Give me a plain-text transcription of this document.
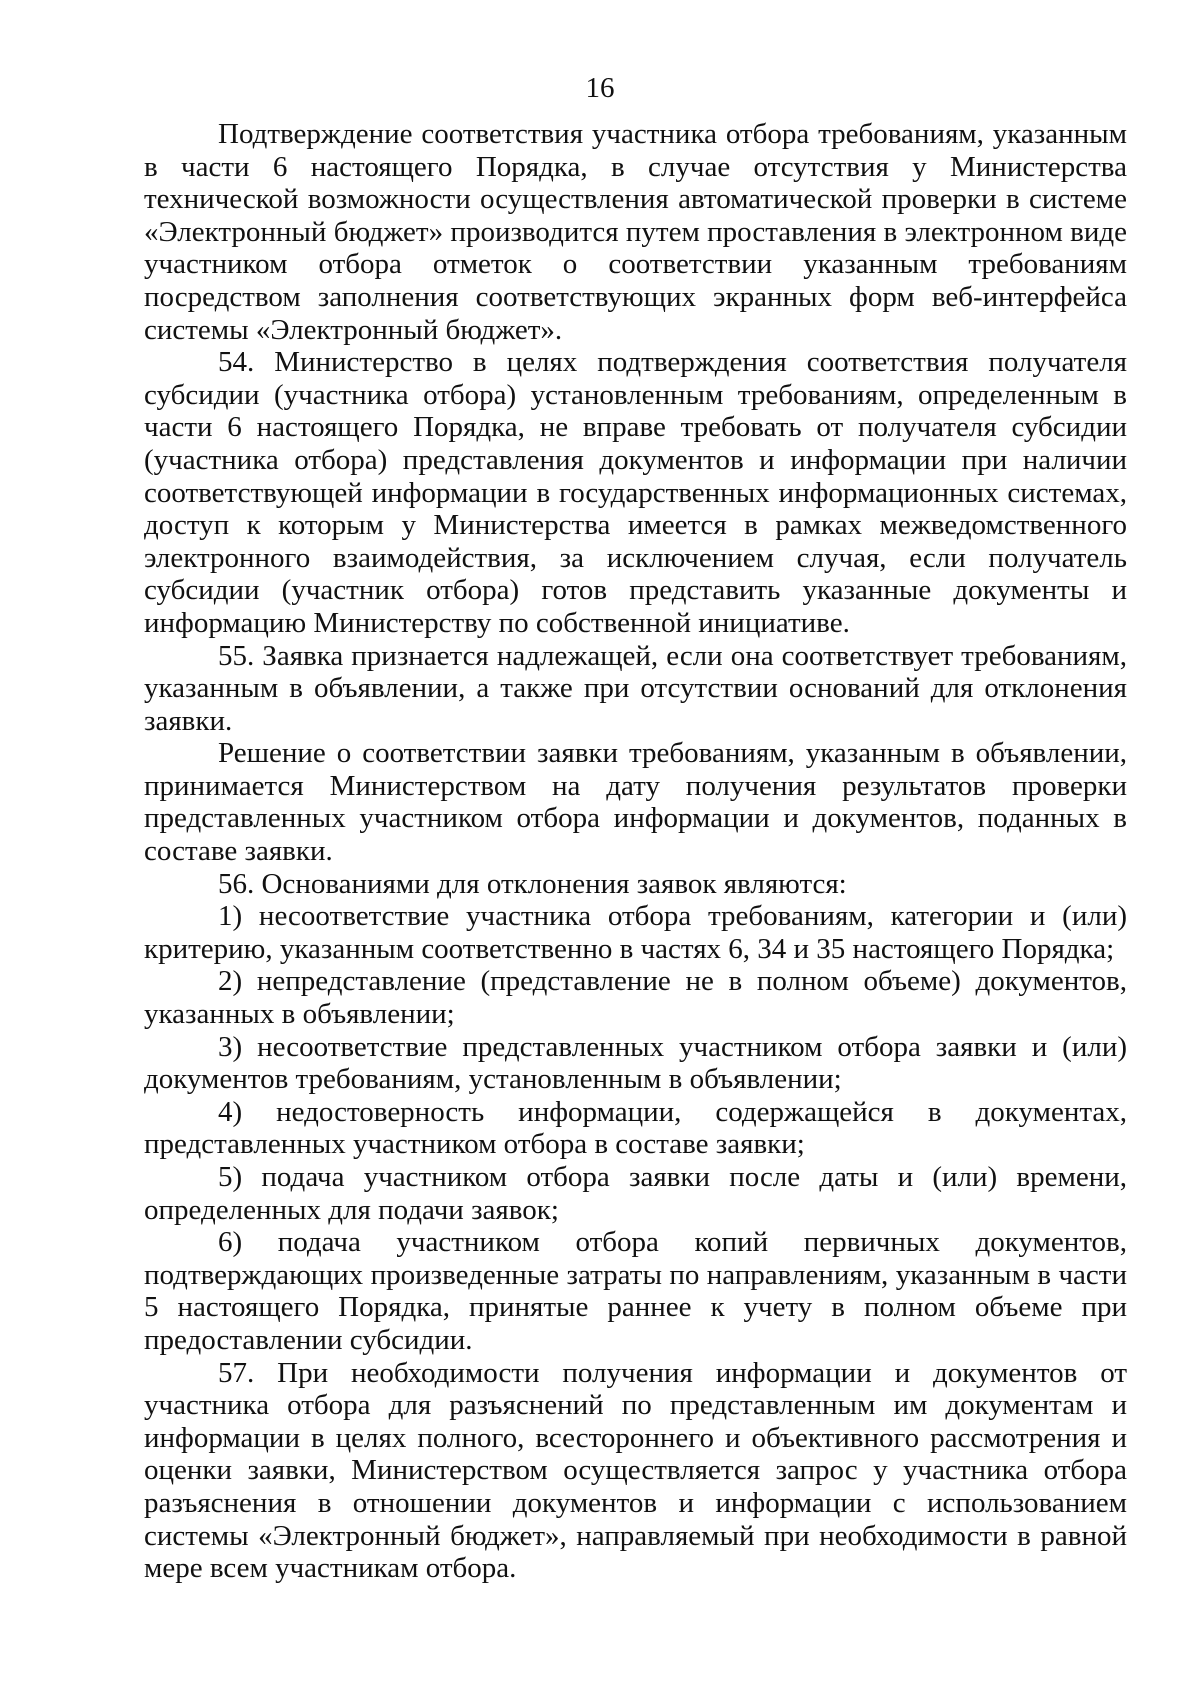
16

Подтверждение соответствия участника отбора требованиям, указанным в части 6 настоящего Порядка, в случае отсутствия у Министерства технической возможности осуществления автоматической проверки в системе «Электронный бюджет» производится путем проставления в электронном виде участником отбора отметок о соответствии указанным требованиям посредством заполнения соответствующих экранных форм веб-интерфейса системы «Электронный бюджет».

54. Министерство в целях подтверждения соответствия получателя субсидии (участника отбора) установленным требованиям, определенным в части 6 настоящего Порядка, не вправе требовать от получателя субсидии (участника отбора) представления документов и информации при наличии соответствующей информации в государственных информационных системах, доступ к которым у Министерства имеется в рамках межведомственного электронного взаимодействия, за исключением случая, если получатель субсидии (участник отбора) готов представить указанные документы и информацию Министерству по собственной инициативе.

55. Заявка признается надлежащей, если она соответствует требованиям, указанным в объявлении, а также при отсутствии оснований для отклонения заявки.

Решение о соответствии заявки требованиям, указанным в объявлении, принимается Министерством на дату получения результатов проверки представленных участником отбора информации и документов, поданных в составе заявки.

56. Основаниями для отклонения заявок являются:

1) несоответствие участника отбора требованиям, категории и (или) критерию, указанным соответственно в частях 6, 34 и 35 настоящего Порядка;

2) непредставление (представление не в полном объеме) документов, указанных в объявлении;

3) несоответствие представленных участником отбора заявки и (или) документов требованиям, установленным в объявлении;

4) недостоверность информации, содержащейся в документах, представленных участником отбора в составе заявки;

5) подача участником отбора заявки после даты и (или) времени, определенных для подачи заявок;

6) подача участником отбора копий первичных документов, подтверждающих произведенные затраты по направлениям, указанным в части 5 настоящего Порядка, принятые раннее к учету в полном объеме при предоставлении субсидии.

57. При необходимости получения информации и документов от участника отбора для разъяснений по представленным им документам и информации в целях полного, всестороннего и объективного рассмотрения и оценки заявки, Министерством осуществляется запрос у участника отбора разъяснения в отношении документов и информации с использованием системы «Электронный бюджет», направляемый при необходимости в равной мере всем участникам отбора.
